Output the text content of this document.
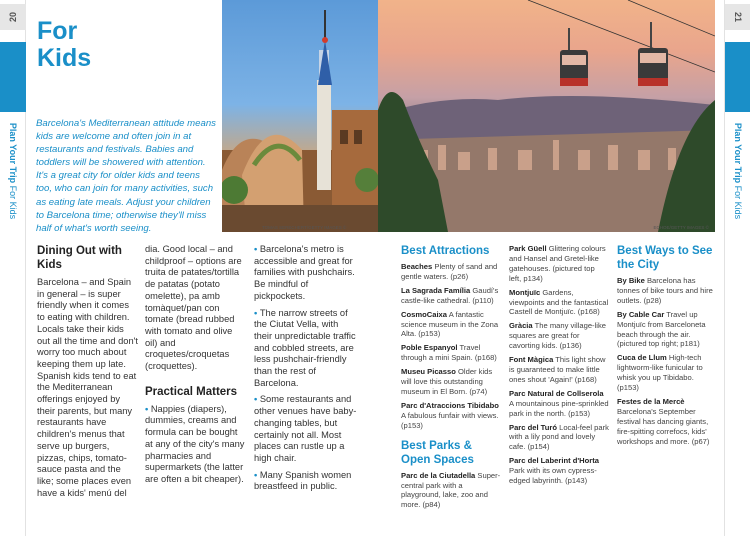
20
Plan Your Trip For Kids
21
Plan Your Trip For Kids
For
Kids
Barcelona's Mediterranean attitude means kids are welcome and often join in at restaurants and festivals. Babies and toddlers will be showered with attention. It's a great city for older kids and teens too, who can join for many activities, such as eating late meals. Adjust your children to Barcelona time; otherwise they'll miss half of what's worth seeing.	TOMAS SERECHERT/GETTY IMAGES ©	ECHOE/GETTY IMAGES ©
Dining Out with Kids
Barcelona – and Spain in general – is super friendly when it comes to eating with children. Locals take their kids out all the time and don't worry too much about keeping them up late. Spanish kids tend to eat the Mediterranean offerings enjoyed by their parents, but many restaurants have children's menus that serve up burgers, pizzas, chips, tomato-sauce pasta and the like; some places even have a kids' menú del
dia. Good local – and childproof – options are truita de patates/tortilla de patatas (potato omelette), pa amb tomàquet/pan con tomate (bread rubbed with tomato and olive oil) and croquetes/croquetas (croquettes).
Practical Matters
• Nappies (diapers), dummies, creams and formula can be bought at any of the city's many pharmacies and supermarkets (the latter are often a bit cheaper).
• Barcelona's metro is accessible and great for families with pushchairs. Be mindful of pickpockets.
• The narrow streets of the Ciutat Vella, with their unpredictable traffic and cobbled streets, are less pushchair-friendly than the rest of Barcelona.
• Some restaurants and other venues have baby-changing tables, but certainly not all. Most places can rustle up a high chair.
• Many Spanish women breastfeed in public.
Best Attractions
Beaches Plenty of sand and gentle waters. (p26)
La Sagrada Família Gaudí's castle-like cathedral. (p110)
CosmoCaixa A fantastic science museum in the Zona Alta. (p153)
Poble Espanyol Travel through a mini Spain. (p168)
Museu Picasso Older kids will love this outstanding museum in El Born. (p74)
Parc d'Atraccions Tibidabo A fabulous funfair with views. (p153)
Best Parks & Open Spaces
Parc de la Ciutadella Super-central park with a playground, lake, zoo and more. (p84)
Park Güell Glittering colours and Hansel and Gretel-like gatehouses. (pictured top left, p134)
Montjuïc Gardens, viewpoints and the fantastical Castell de Montjuïc. (p168)
Gràcia The many village-like squares are great for cavorting kids. (p136)
Font Màgica This light show is guaranteed to make little ones shout 'Again!' (p168)
Parc Natural de Collserola A mountainous pine-sprinkled park in the north. (p153)
Parc del Turó Local-feel park with a lily pond and lovely cafe. (p154)
Parc del Laberint d'Horta Park with its own cypress-edged labyrinth. (p143)
Best Ways to See the City
By Bike Barcelona has tonnes of bike tours and hire outlets. (p28)
By Cable Car Travel up Montjuïc from Barceloneta beach through the air. (pictured top right; p181)
Cuca de Llum High-tech lightworm-like funicular to whisk you up Tibidabo. (p153)
Festes de la Mercè Barcelona's September festival has dancing giants, fire-spitting correfocs, kids' workshops and more. (p67)
